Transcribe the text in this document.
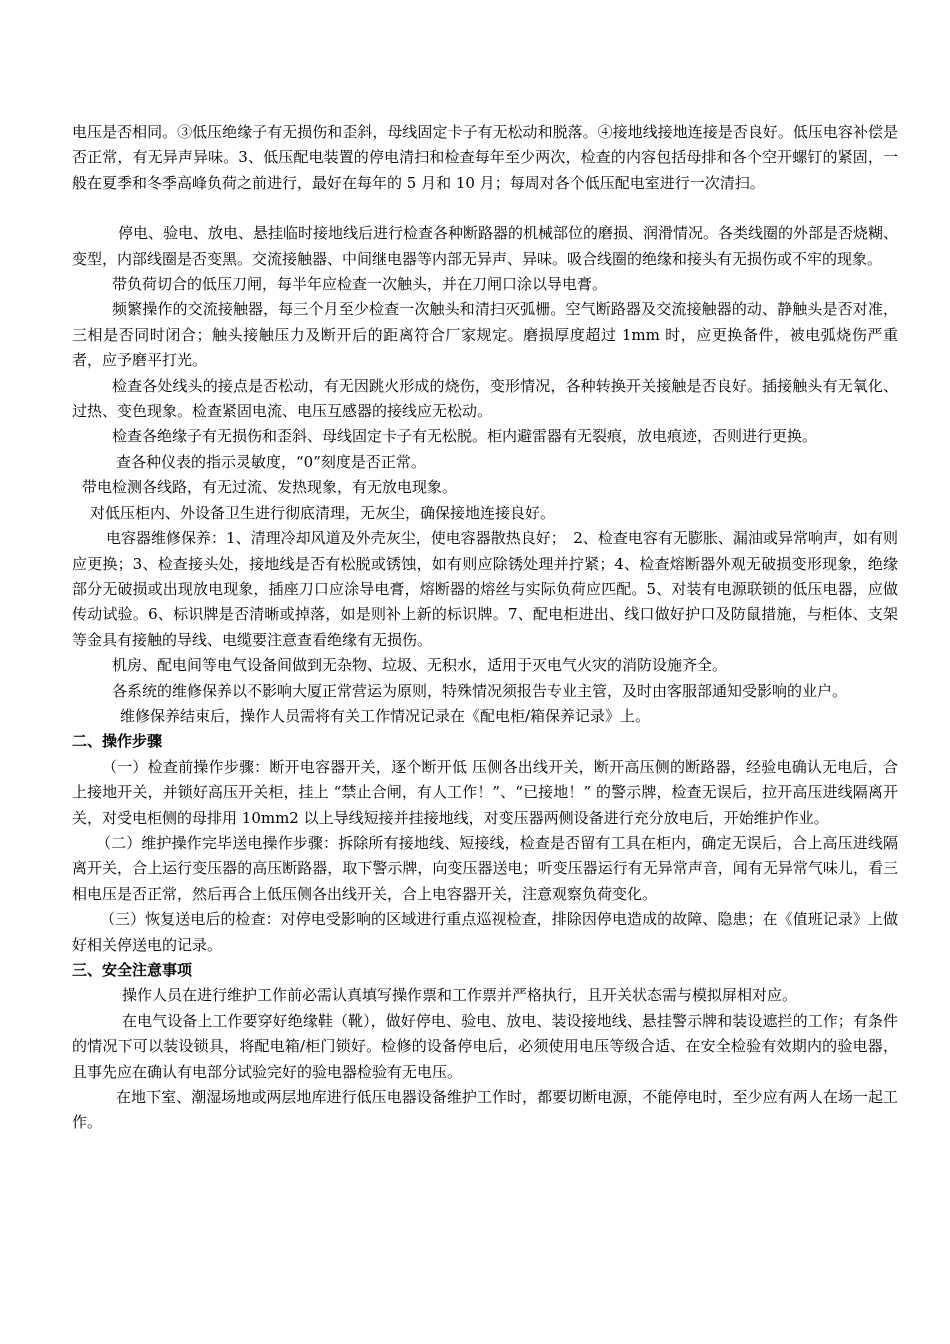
电压是否相同。③低压绝缘子有无损伤和歪斜，母线固定卡子有无松动和脱落。④接地线接地连接是否良好。低压电容补偿是否正常，有无异声异味。3、低压配电装置的停电清扫和检查每年至少两次，检查的内容包括母排和各个空开螺钉的紧固，一般在夏季和冬季高峰负荷之前进行，最好在每年的 5 月和 10 月；每周对各个低压配电室进行一次清扫。

停电、验电、放电、悬挂临时接地线后进行检查各种断路器的机械部位的磨损、润滑情况。各类线圈的外部是否烧糊、变型，内部线圈是否变黑。交流接触器、中间继电器等内部无异声、异味。吸合线圈的绝缘和接头有无损伤或不牢的现象。

带负荷切合的低压刀闸，每半年应检查一次触头，并在刀闸口涂以导电膏。

频繁操作的交流接触器，每三个月至少检查一次触头和清扫灭弧栅。空气断路器及交流接触器的动、静触头是否对准，三相是否同时闭合；触头接触压力及断开后的距离符合厂家规定。磨损厚度超过 1mm 时，应更换备件，被电弧烧伤严重者，应予磨平打光。

检查各处线头的接点是否松动，有无因跳火形成的烧伤，变形情况，各种转换开关接触是否良好。插接触头有无氧化、过热、变色现象。检查紧固电流、电压互感器的接线应无松动。

检查各绝缘子有无损伤和歪斜、母线固定卡子有无松脱。柜内避雷器有无裂痕，放电痕迹，否则进行更换。

查各种仪表的指示灵敏度，“0”刻度是否正常。

带电检测各线路，有无过流、发热现象，有无放电现象。

对低压柜内、外设备卫生进行彻底清理，无灰尘，确保接地连接良好。

电容器维修保养：1、清理冷却风道及外壳灰尘，使电容器散热良好；　2、检查电容有无膨胀、漏油或异常响声，如有则应更换；3、检查接头处，接地线是否有松脱或锈蚀，如有则应除锈处理并拧紧；4、检查熔断器外观无破损变形现象，绝缘部分无破损或出现放电现象，插座刀口应涂导电膏，熔断器的熔丝与实际负荷应匹配。5、对装有电源联锁的低压电器，应做传动试验。6、标识牌是否清晰或掉落，如是则补上新的标识牌。7、配电柜进出、线口做好护口及防鼠措施，与柜体、支架等金具有接触的导线、电缆要注意查看绝缘有无损伤。

机房、配电间等电气设备间做到无杂物、垃圾、无积水，适用于灭电气火灾的消防设施齐全。

各系统的维修保养以不影响大厦正常营运为原则，特殊情况须报告专业主管，及时由客服部通知受影响的业户。

维修保养结束后，操作人员需将有关工作情况记录在《配电柜/箱保养记录》上。

二、操作步骤

（一）检查前操作步骤：断开电容器开关，逐个断开低 压侧各出线开关，断开高压侧的断路器，经验电确认无电后，合上接地开关，并锁好高压开关柜，挂上 “禁止合闸，有人工作！”、“已接地！” 的警示牌，检查无误后，拉开高压进线隔离开关，对受电柜侧的母排用 10mm2 以上导线短接并挂接地线，对变压器两侧设备进行充分放电后，开始维护作业。

（二）维护操作完毕送电操作步骤：拆除所有接地线、短接线，检查是否留有工具在柜内，确定无误后，合上高压进线隔离开关，合上运行变压器的高压断路器，取下警示牌，向变压器送电；听变压器运行有无异常声音，闻有无异常气味儿，看三相电压是否正常，然后再合上低压侧各出线开关，合上电容器开关，注意观察负荷变化。

（三）恢复送电后的检查：对停电受影响的区域进行重点巡视检查，排除因停电造成的故障、隐患；在《值班记录》上做好相关停送电的记录。

三、安全注意事项

操作人员在进行维护工作前必需认真填写操作票和工作票并严格执行，且开关状态需与模拟屏相对应。

在电气设备上工作要穿好绝缘鞋（靴），做好停电、验电、放电、装设接地线、悬挂警示牌和装设遮拦的工作；有条件的情况下可以装设锁具，将配电箱/柜门锁好。检修的设备停电后，必须使用电压等级合适、在安全检验有效期内的验电器，且事先应在确认有电部分试验完好的验电器检验有无电压。

在地下室、潮湿场地或两层地库进行低压电器设备维护工作时，都要切断电源，不能停电时，至少应有两人在场一起工作。
